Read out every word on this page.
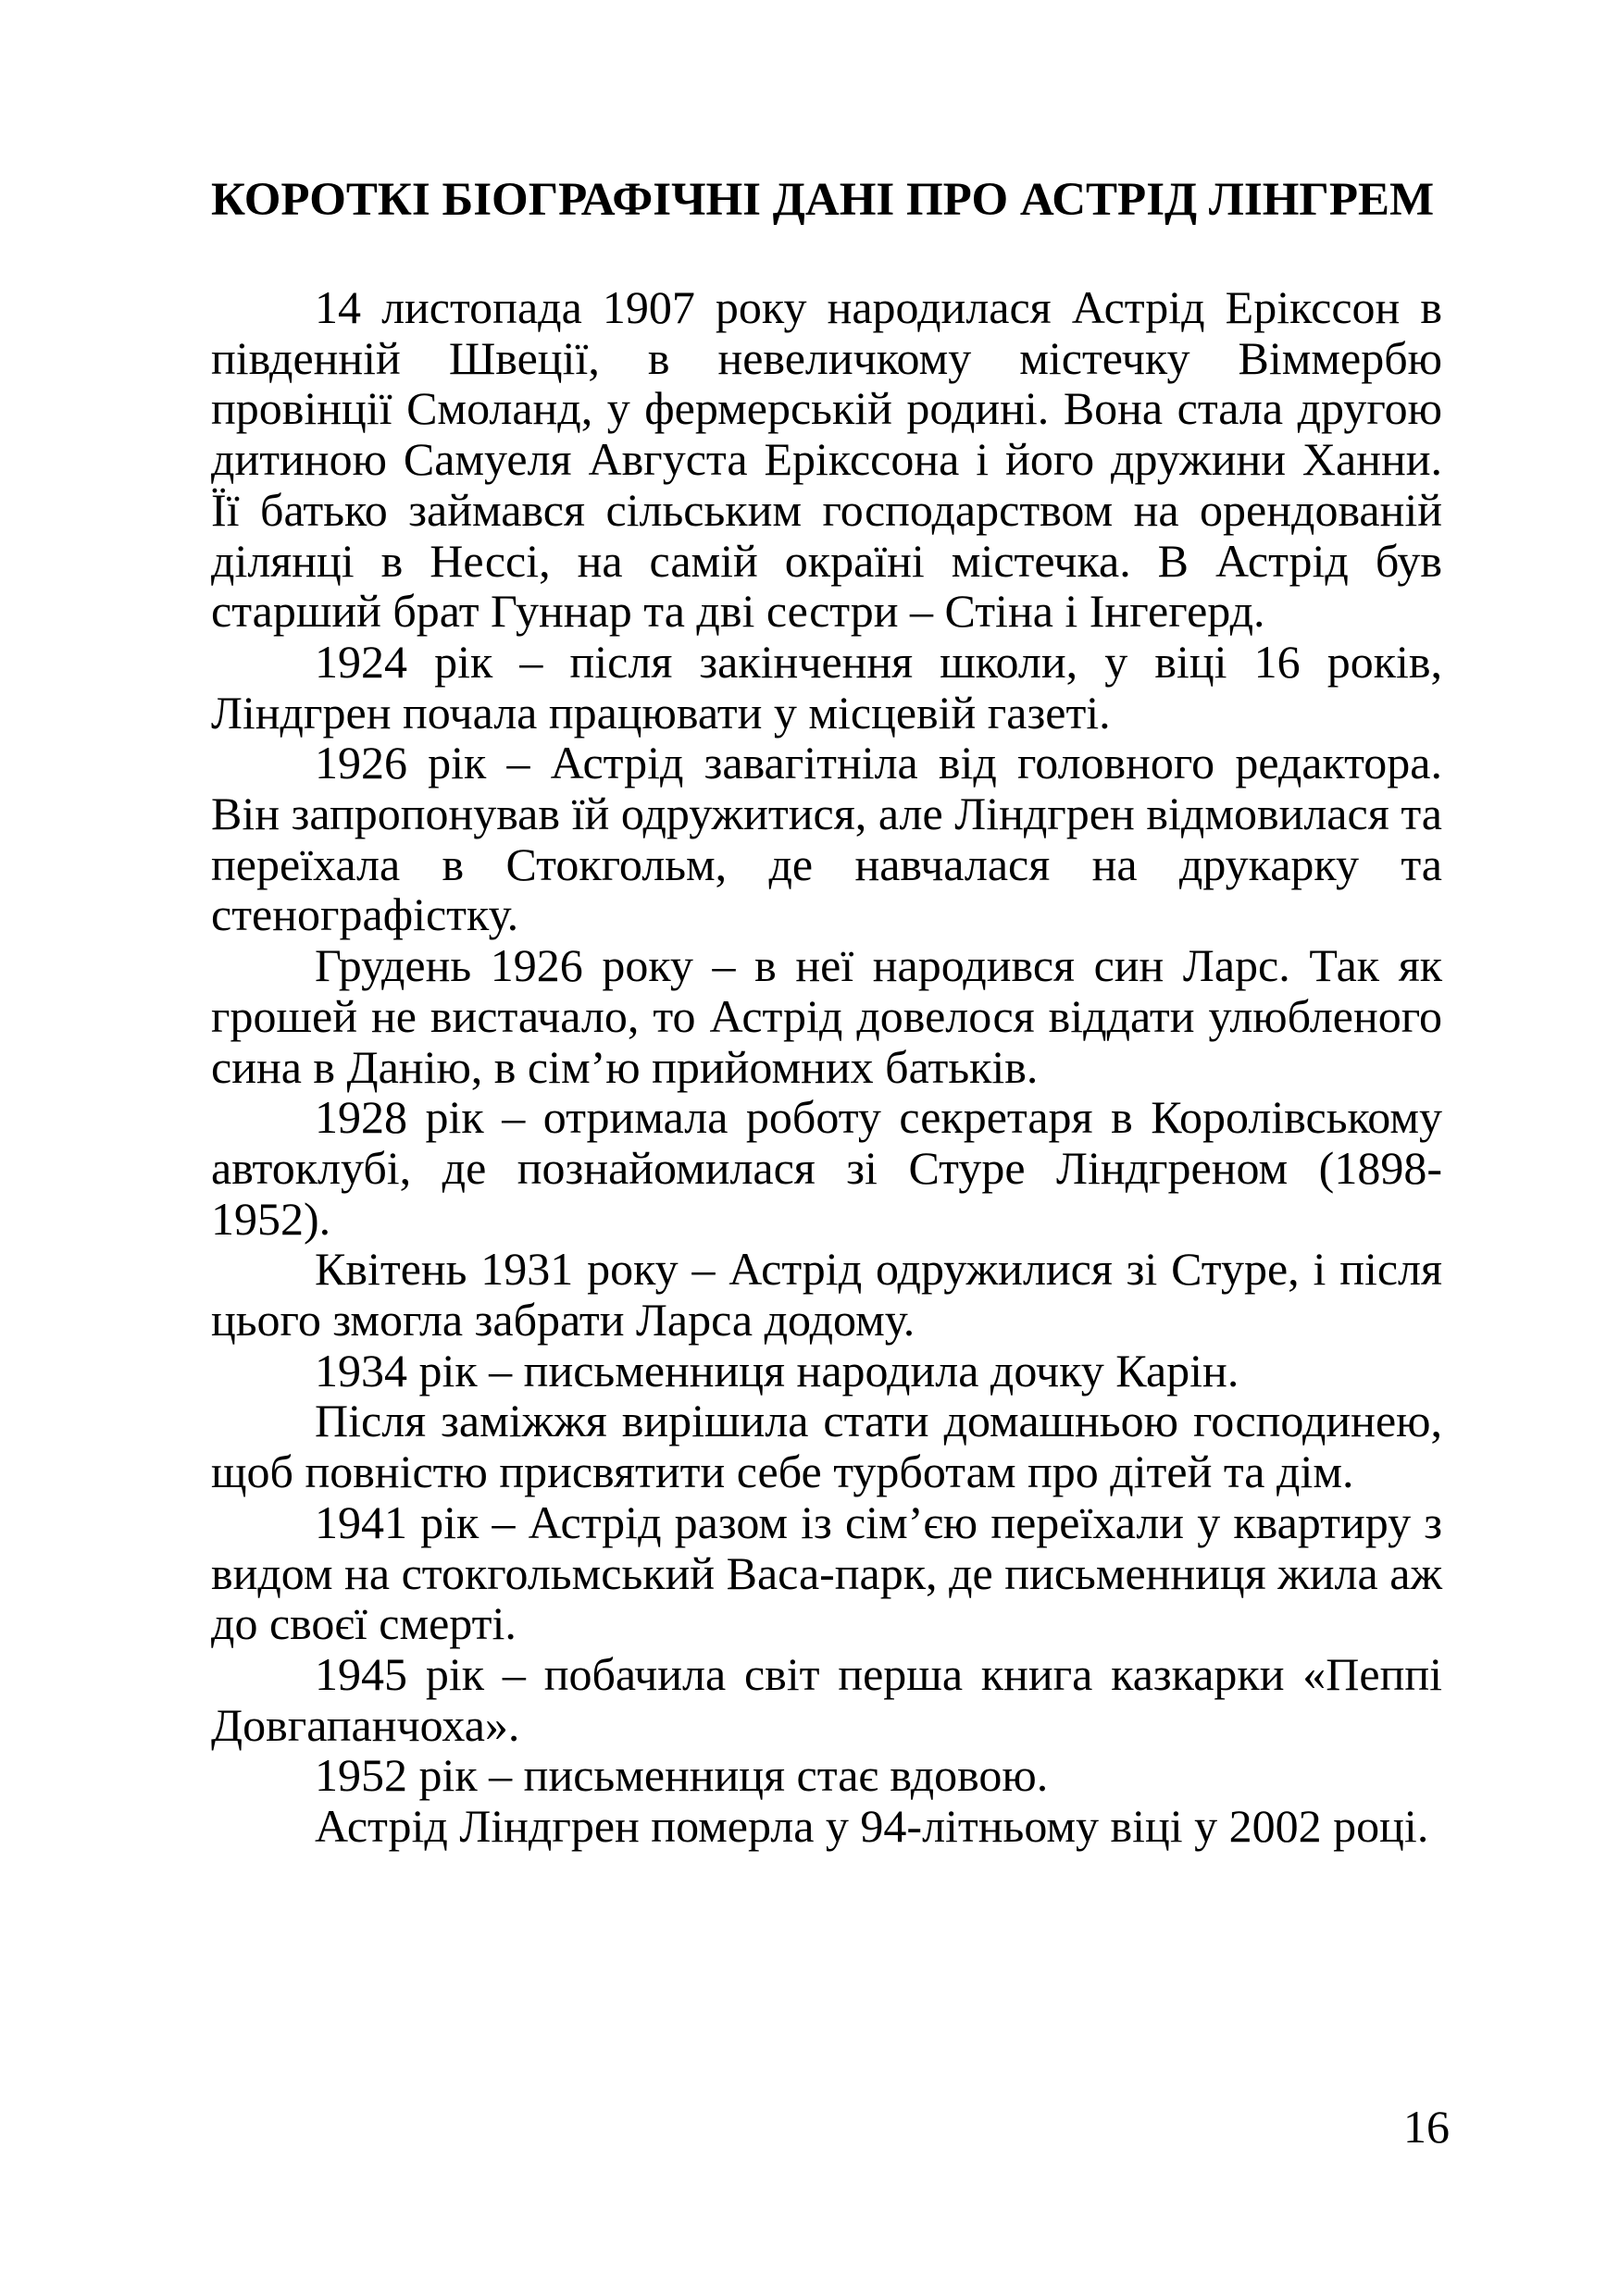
КОРОТКІ БІОГРАФІЧНІ ДАНІ ПРО АСТРІД ЛІНГРЕМ

14 листопада 1907 року народилася Астрід Ерікссон в південній Швеції, в невеличкому містечку Віммербю провінції Смоланд, у фермерській родині. Вона стала другою дитиною Самуеля Августа Ерікссона і його дружини Ханни. Її батько займався сільським господарством на орендованій ділянці в Нессі, на самій окраїні містечка. В Астрід був старший брат Гуннар та дві сестри – Стіна і Інгегерд.

1924 рік – після закінчення школи, у віці 16 років, Ліндгрен почала працювати у місцевій газеті.

1926 рік – Астрід завагітніла від головного редактора. Він запропонував їй одружитися, але Ліндгрен відмовилася та переїхала в Стокгольм, де навчалася на друкарку та стенографістку.

Грудень 1926 року – в неї народився син Ларс. Так як грошей не вистачало, то Астрід довелося віддати улюбленого сина в Данію, в сім’ю прийомних батьків.

1928 рік – отримала роботу секретаря в Королівському автоклубі, де познайомилася зі Стуре Ліндгреном (1898-1952).

Квітень 1931 року – Астрід одружилися зі Стуре, і після цього змогла забрати Ларса додому.

1934 рік – письменниця народила дочку Карін.

Після заміжжя вирішила стати домашньою господинею, щоб повністю присвятити себе турботам про дітей та дім.

1941 рік – Астрід разом із сім’єю переїхали у квартиру з видом на стокгольмський Васа-парк, де письменниця жила аж до своєї смерті.

1945 рік – побачила світ перша книга казкарки «Пеппі Довгапанчоха».

1952 рік – письменниця стає вдовою.

Астрід Ліндгрен померла у 94-літньому віці у 2002 році.

16
